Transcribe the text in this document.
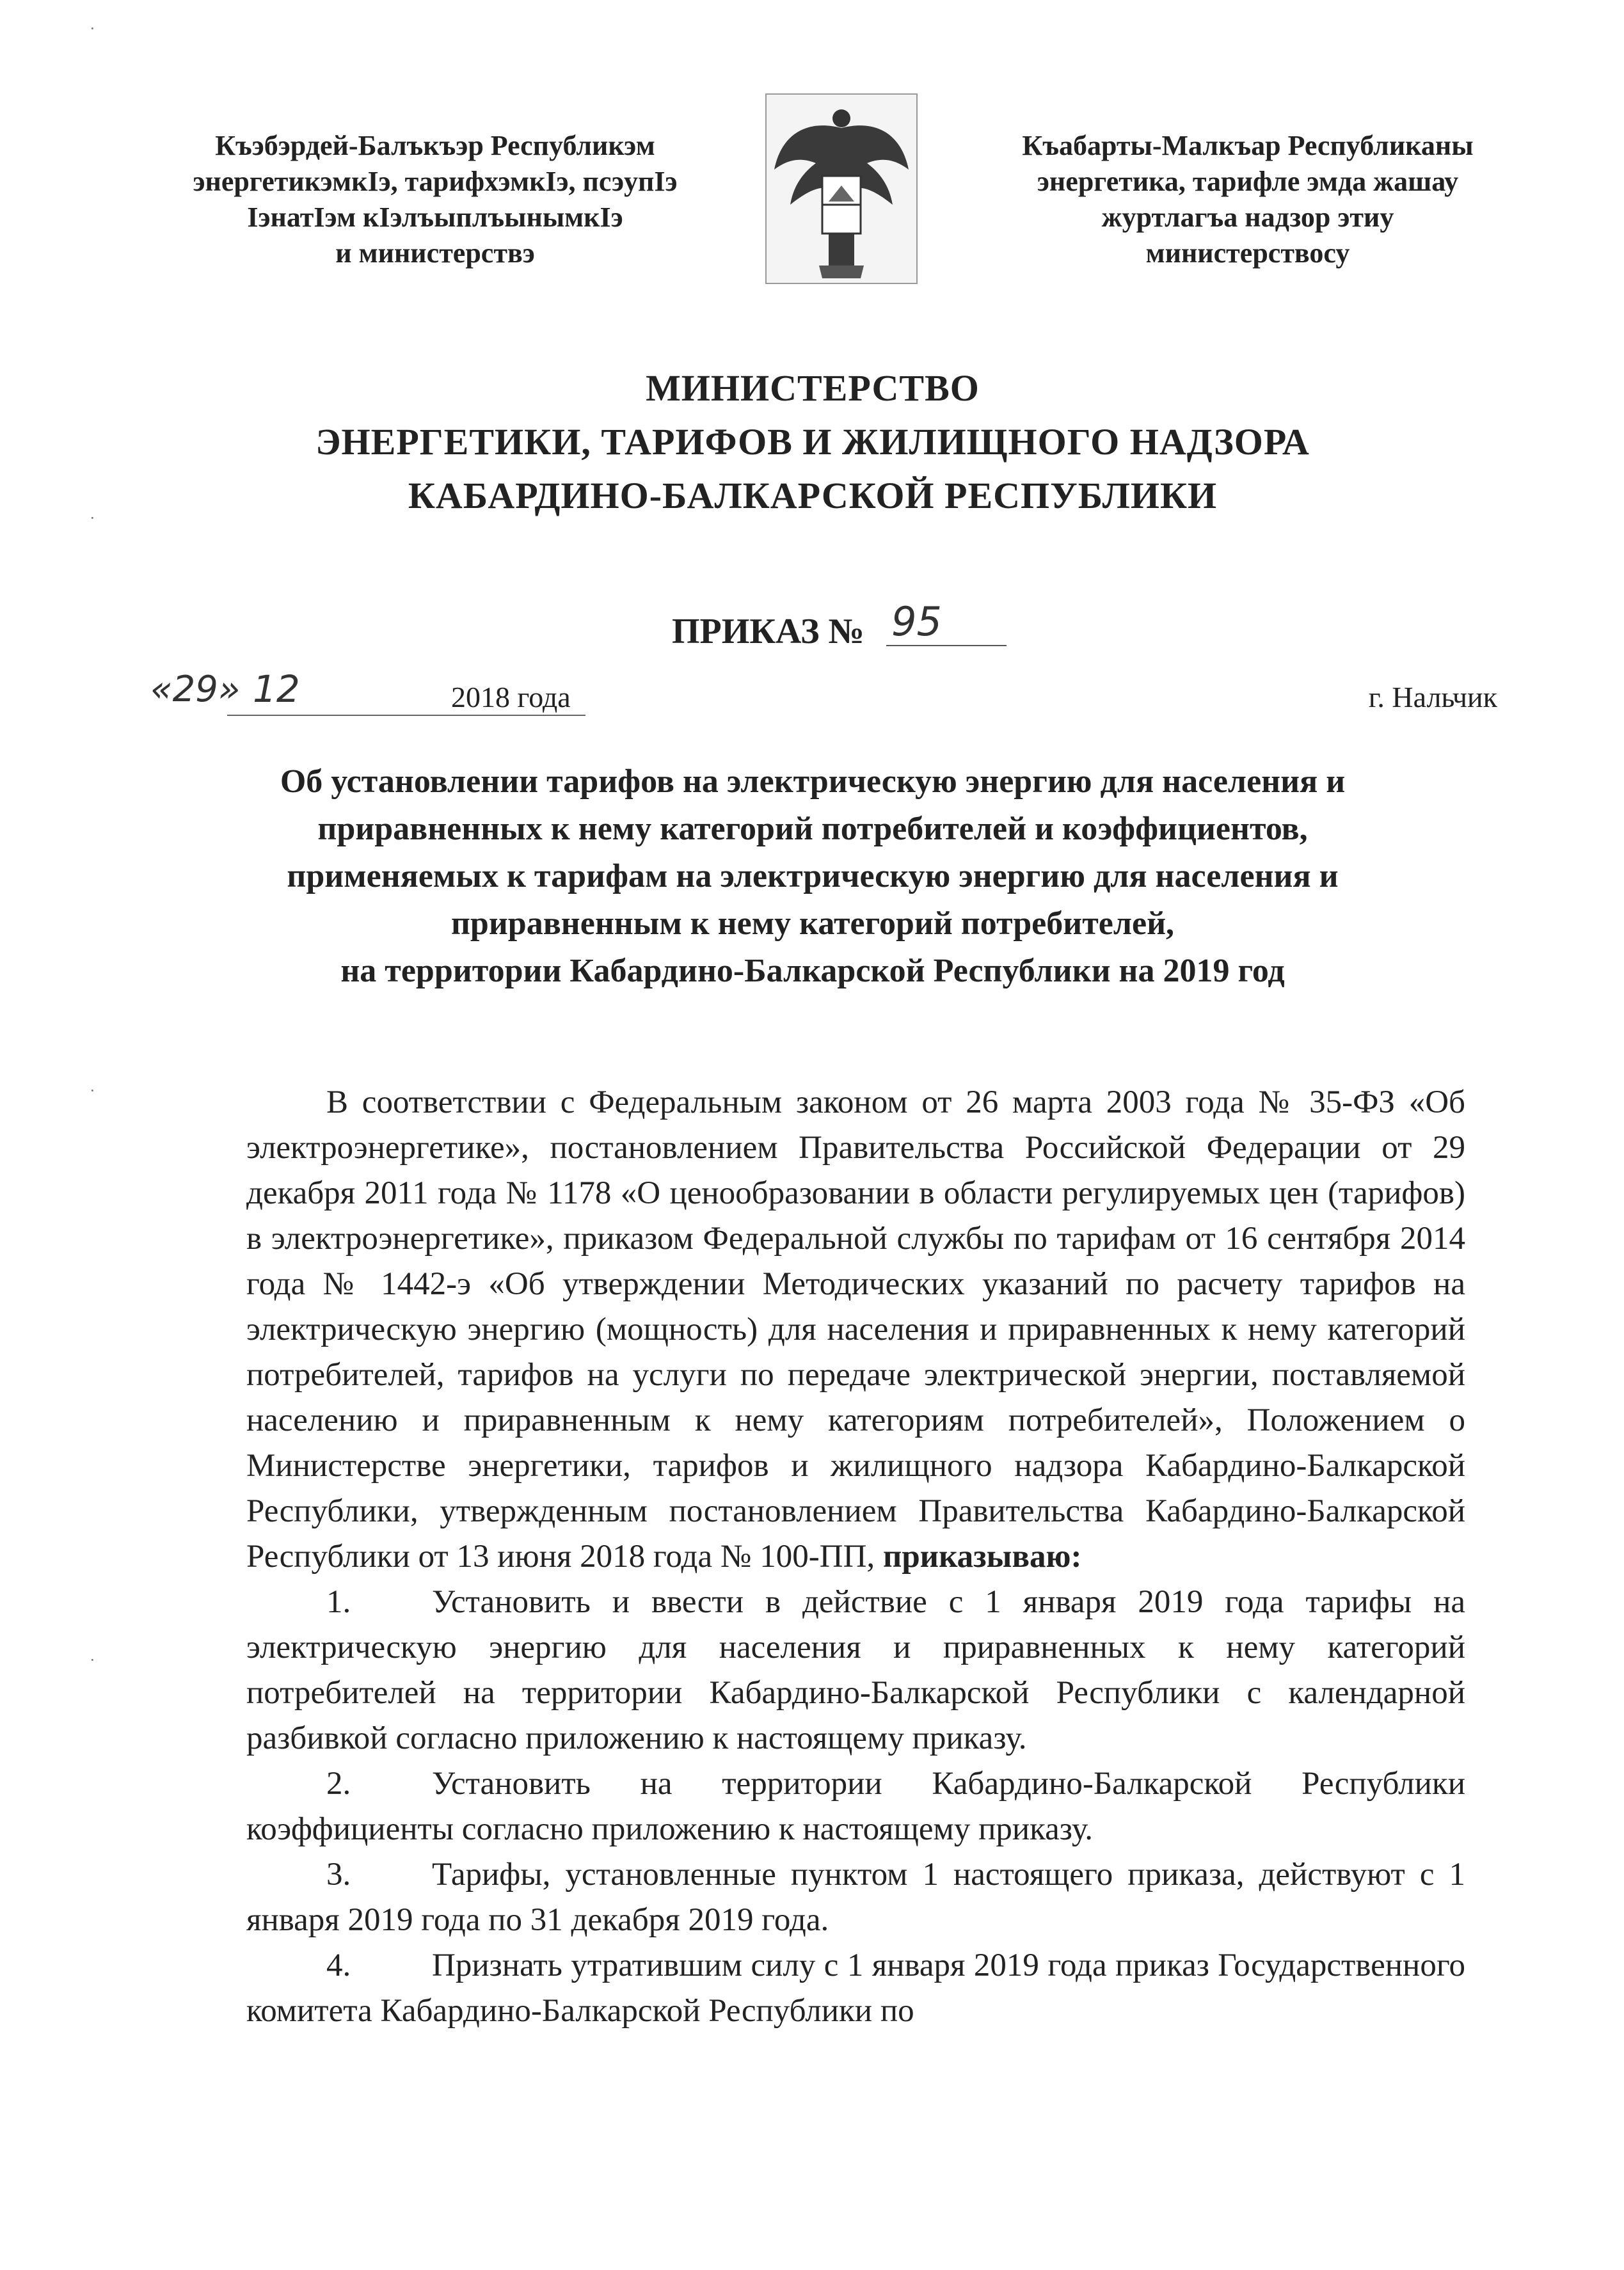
Къэбэрдей-Балъкъэр Республикэм
энергетикэмкIэ, тарифхэмкIэ, псэупIэ
IэнатIэм кIэлъыплъынымкIэ
и министерствэ
Къабарты-Малкъар Республиканы
энергетика, тарифле эмда жашау
журтлагъа надзор этиу
министерствосу
МИНИСТЕРСТВО
ЭНЕРГЕТИКИ, ТАРИФОВ И ЖИЛИЩНОГО НАДЗОРА
КАБАРДИНО-БАЛКАРСКОЙ РЕСПУБЛИКИ
ПРИКАЗ № 95
«29» 12	2018 года	г. Нальчик
Об установлении тарифов на электрическую энергию для населения и
приравненных к нему категорий потребителей и коэффициентов,
применяемых к тарифам на электрическую энергию для населения и
приравненным к нему категорий потребителей,
на территории Кабардино-Балкарской Республики на 2019 год

В соответствии с Федеральным законом от 26 марта 2003 года № 35-ФЗ «Об электроэнергетике», постановлением Правительства Российской Федерации от 29 декабря 2011 года № 1178 «О ценообразовании в области регулируемых цен (тарифов) в электроэнергетике», приказом Федеральной службы по тарифам от 16 сентября 2014 года № 1442-э «Об утверждении Методических указаний по расчету тарифов на электрическую энергию (мощность) для населения и приравненных к нему категорий потребителей, тарифов на услуги по передаче электрической энергии, поставляемой населению и приравненным к нему категориям потребителей», Положением о Министерстве энергетики, тарифов и жилищного надзора Кабардино-Балкарской Республики, утвержденным постановлением Правительства Кабардино-Балкарской Республики от 13 июня 2018 года № 100-ПП, приказываю:

1. Установить и ввести в действие с 1 января 2019 года тарифы на электрическую энергию для населения и приравненных к нему категорий потребителей на территории Кабардино-Балкарской Республики с календарной разбивкой согласно приложению к настоящему приказу.

2. Установить на территории Кабардино-Балкарской Республики коэффициенты согласно приложению к настоящему приказу.

3. Тарифы, установленные пунктом 1 настоящего приказа, действуют с 1 января 2019 года по 31 декабря 2019 года.

4. Признать утратившим силу с 1 января 2019 года приказ Государственного комитета Кабардино-Балкарской Республики по

·
·
·
·
